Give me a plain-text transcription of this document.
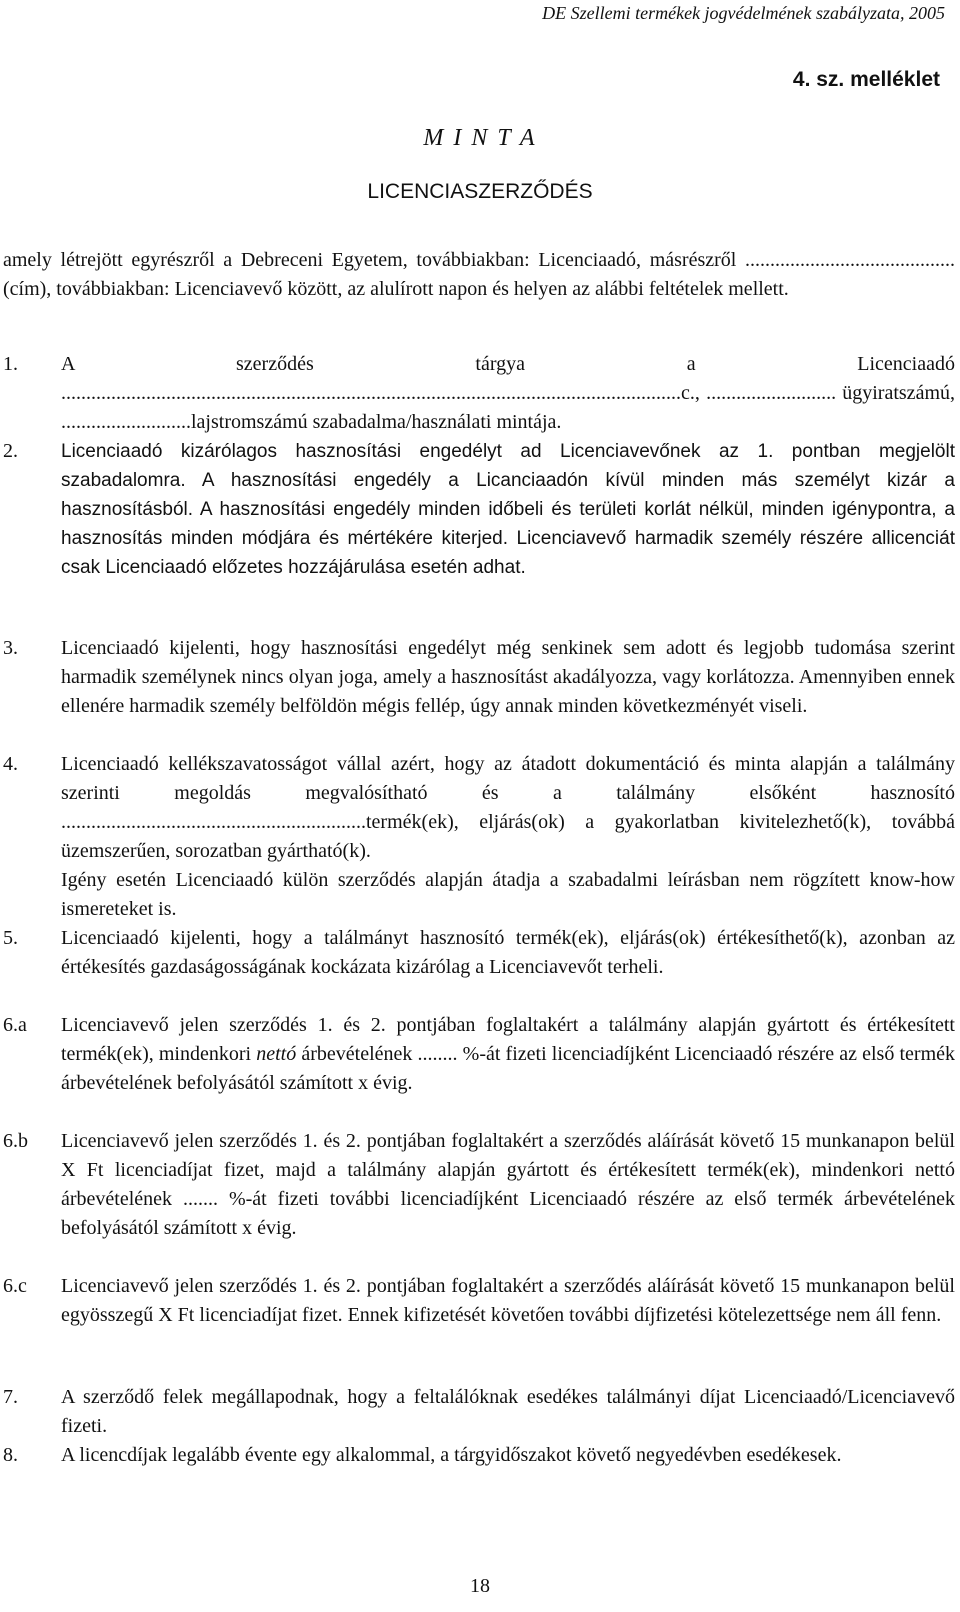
DE Szellemi termékek jogvédelmének szabályzata, 2005
4. sz. melléklet
M I N T A
LICENCIASZERZŐDÉS
amely létrejött egyrészről a Debreceni Egyetem, továbbiakban: Licenciaadó, másrészről ..........................................(cím), továbbiakban: Licenciavevő között, az alulírott napon és helyen az alábbi feltételek mellett.
1. A szerződés tárgya a Licenciaadó ............................................................................................................................c., .......................... ügyiratszámú, ..........................lajstromszámú szabadalma/használati mintája.
2. Licenciaadó kizárólagos hasznosítási engedélyt ad Licenciavevőnek az 1. pontban megjelölt szabadalomra. A hasznosítási engedély a Licanciaadón kívül minden más személyt kizár a hasznosításból. A hasznosítási engedély minden időbeli és területi korlát nélkül, minden igénypontra, a hasznosítás minden módjára és mértékére kiterjed. Licenciavevő harmadik személy részére allicenciát csak Licenciaadó előzetes hozzájárulása esetén adhat.
3. Licenciaadó kijelenti, hogy hasznosítási engedélyt még senkinek sem adott és legjobb tudomása szerint harmadik személynek nincs olyan joga, amely a hasznosítást akadályozza, vagy korlátozza. Amennyiben ennek ellenére harmadik személy belföldön mégis fellép, úgy annak minden következményét viseli.
4. Licenciaadó kellékszavatosságot vállal azért, hogy az átadott dokumentáció és minta alapján a találmány szerinti megoldás megvalósítható és a találmány elsőként hasznosító .............................................................termék(ek), eljárás(ok) a gyakorlatban kivitelezhető(k), továbbá üzemszerűen, sorozatban gyártható(k).

Igény esetén Licenciaadó külön szerződés alapján átadja a szabadalmi leírásban nem rögzített know-how ismereteket is.

5. Licenciaadó kijelenti, hogy a találmányt hasznosító termék(ek), eljárás(ok) értékesíthető(k), azonban az értékesítés gazdaságosságának kockázata kizárólag a Licenciavevőt terheli.
6.a Licenciavevő jelen szerződés 1. és 2. pontjában foglaltakért a találmány alapján gyártott és értékesített termék(ek), mindenkori nettó árbevételének ........ %-át fizeti licenciadíjként Licenciaadó részére az első termék árbevételének befolyásától számított x évig.
6.b Licenciavevő jelen szerződés 1. és 2. pontjában foglaltakért a szerződés aláírását követő 15 munkanapon belül X Ft licenciadíjat fizet, majd a találmány alapján gyártott és értékesített termék(ek), mindenkori nettó árbevételének ....... %-át fizeti további licenciadíjként Licenciaadó részére az első termék árbevételének befolyásától számított x évig.
6.c Licenciavevő jelen szerződés 1. és 2. pontjában foglaltakért a szerződés aláírását követő 15 munkanapon belül egyösszegű X Ft licenciadíjat fizet. Ennek kifizetését követően további díjfizetési kötelezettsége nem áll fenn.
7. A szerződő felek megállapodnak, hogy a feltalálóknak esedékes találmányi díjat Licenciaadó/Licenciavevő fizeti.
8. A licencdíjak legalább évente egy alkalommal, a tárgyidőszakot követő negyedévben esedékesek.
18
